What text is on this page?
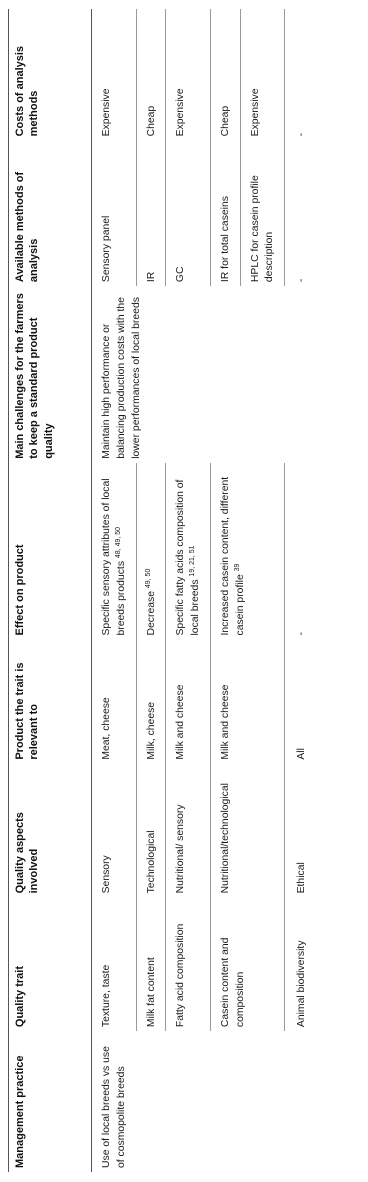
Management practice	Quality trait	Quality aspects involved	Product the trait is relevant to	Effect on product	Main challenges for the farmers to keep a standard product quality	Available methods of analysis	Costs of analysis methods
Use of local breeds vs use of cosmopolite breeds	Texture, taste	Sensory	Meat, cheese	Specific sensory attributes of local breeds products $^{48, 49, 50}$	Maintain high performance or balancing production costs with the lower performances of local breeds	Sensory panel	Expensive
	Milk fat content	Technological	Milk, cheese	Decrease $^{49, 50}$		IR	Cheap
	Fatty acid composition	Nutritional/ sensory	Milk and cheese	Specific fatty acids composition of local breeds $^{19, 21, 51}$		GC	Expensive
	Casein content and composition	Nutritional/technological	Milk and cheese	Increased casein content, different casein profile $^{39}$		IR for total caseins	Cheap
						HPLC for casein profile description	Expensive
	Animal biodiversity	Ethical	All	-		-	-
